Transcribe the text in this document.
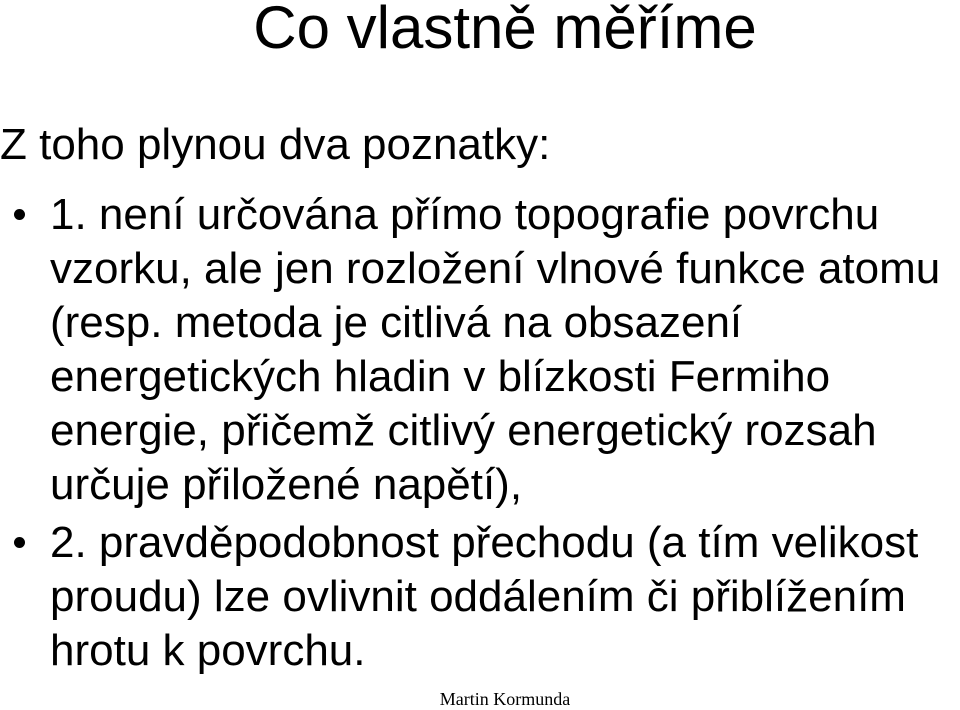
Co vlastně měříme
Z toho plynou dva poznatky:
1. není určována přímo topografie povrchu
vzorku, ale jen rozložení vlnové funkce atomu
(resp. metoda je citlivá na obsazení
energetických hladin v blízkosti Fermiho
energie, přičemž citlivý energetický rozsah
určuje přiložené napětí),
2. pravděpodobnost přechodu (a tím velikost
proudu) lze ovlivnit oddálením či přiblížením
hrotu k povrchu.
Martin Kormunda
